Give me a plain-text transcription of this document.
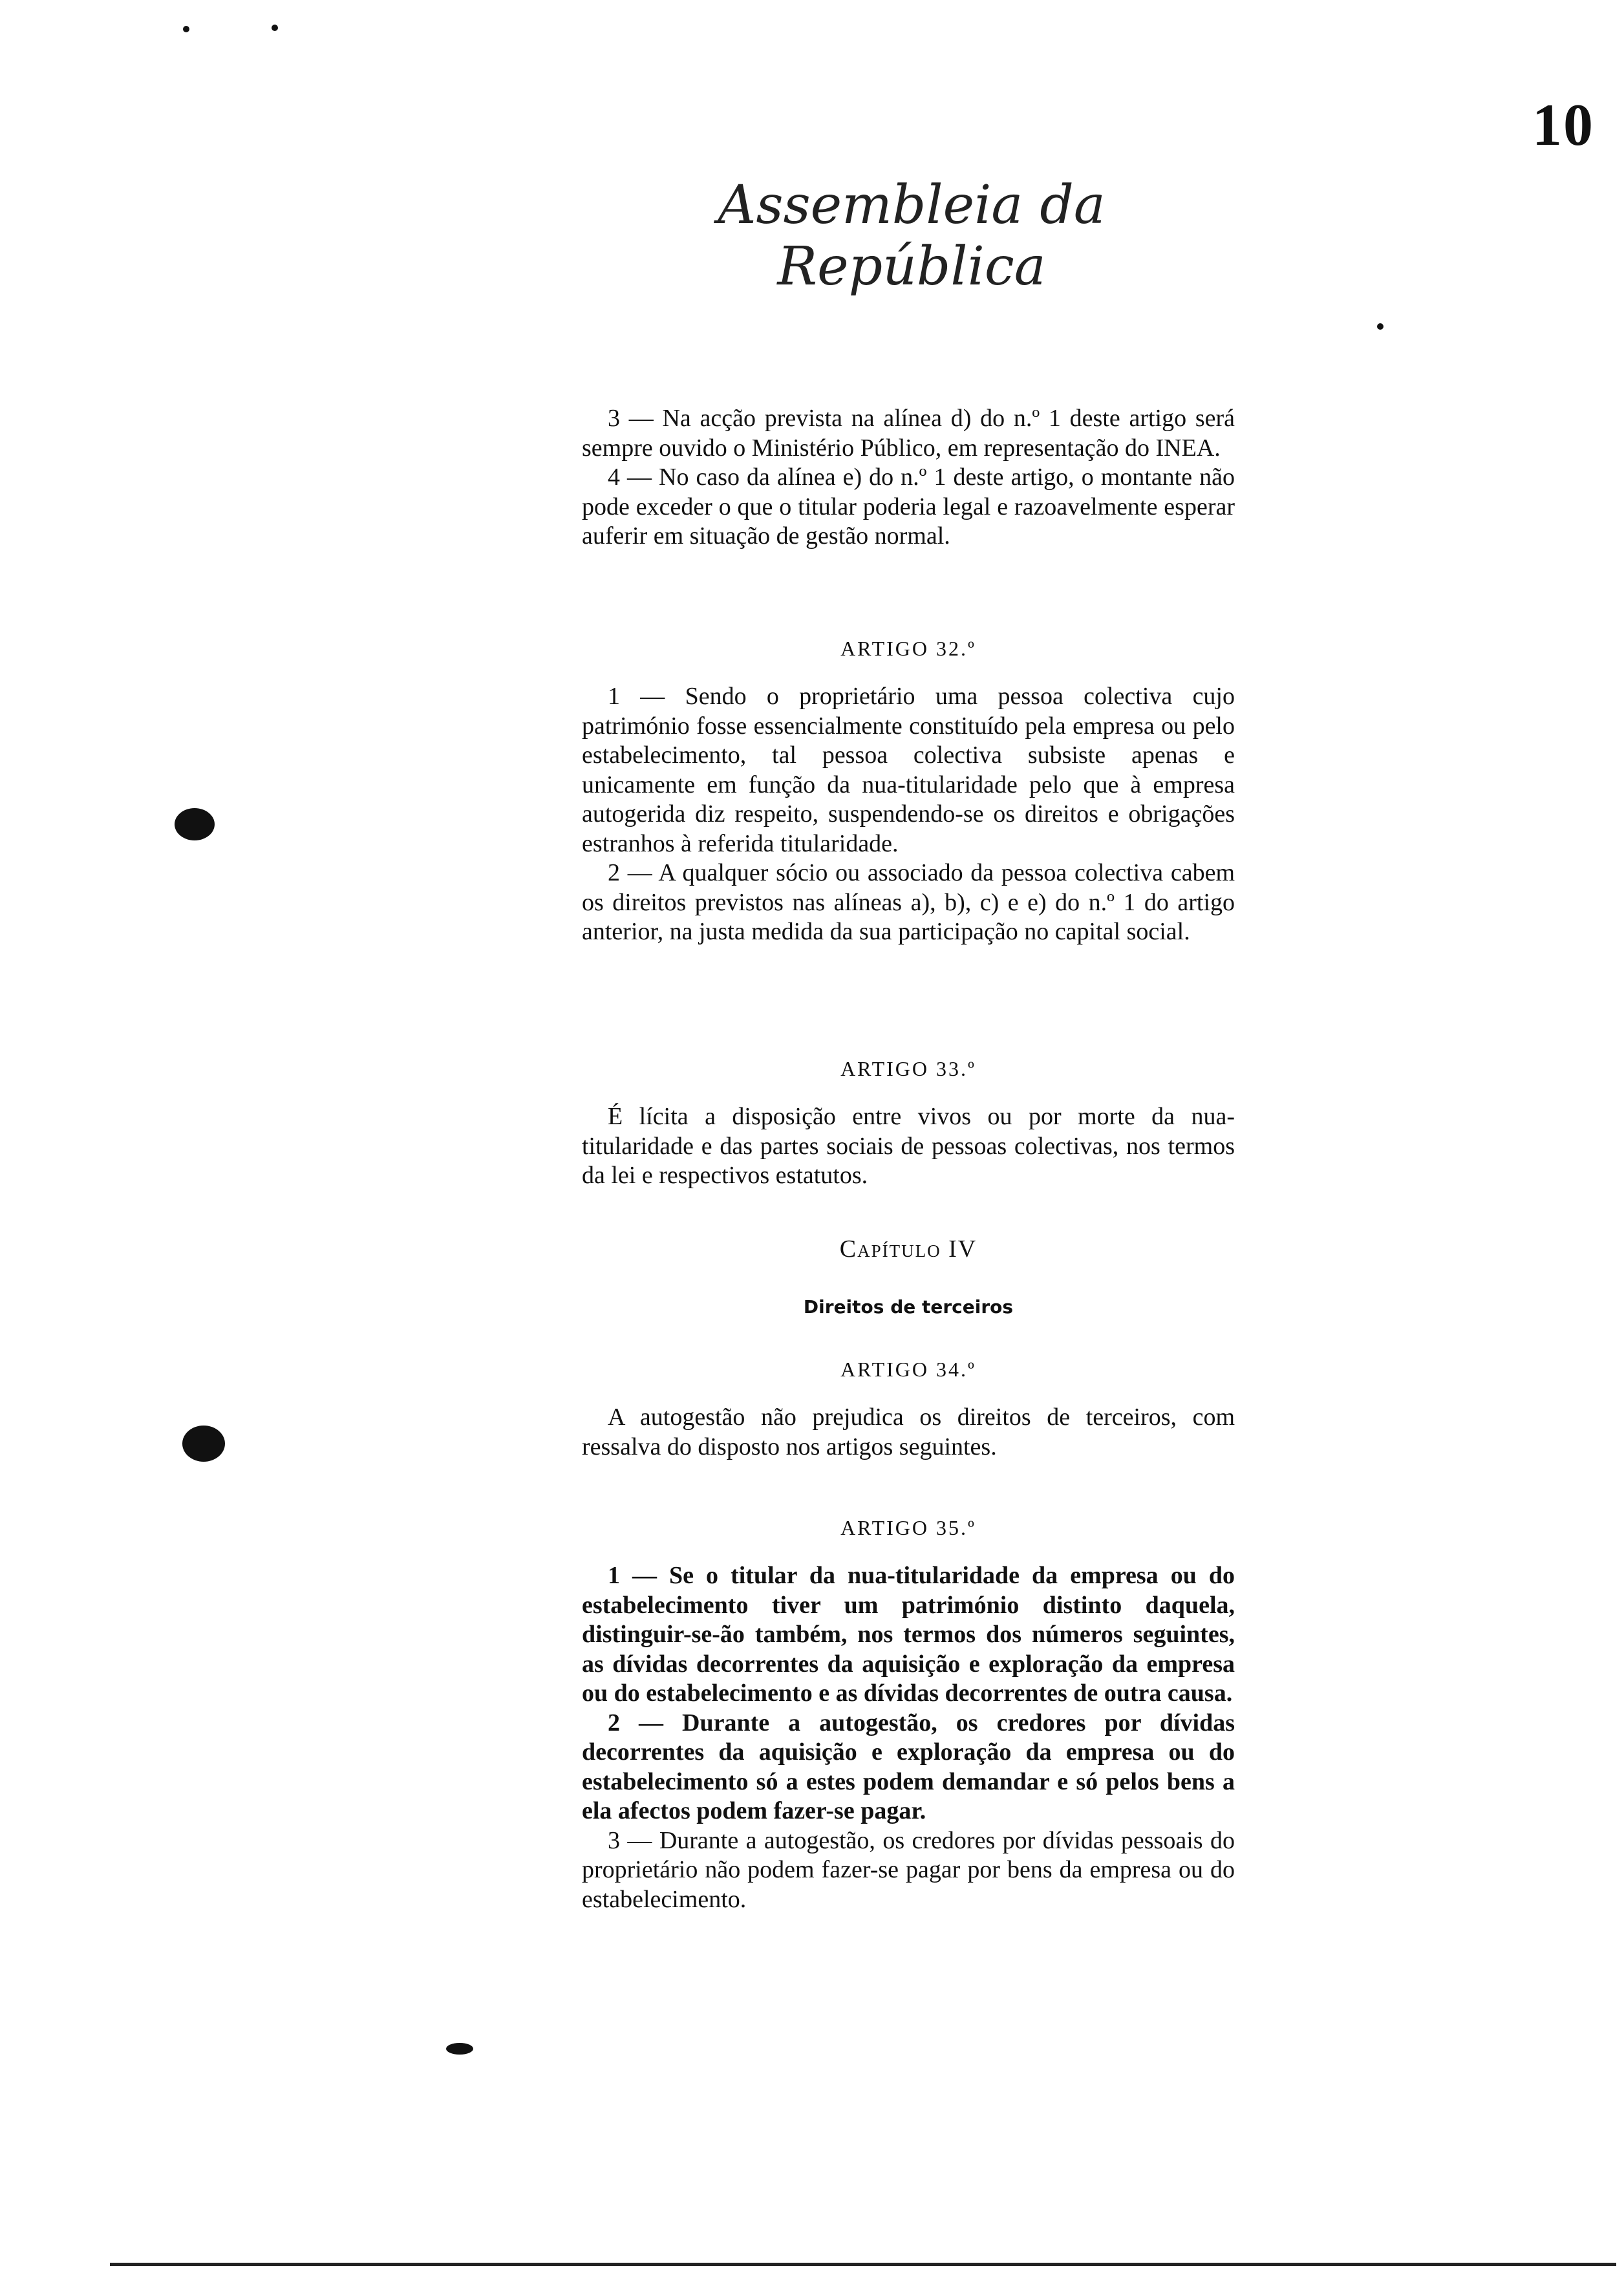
10
Assembleia da República

3 — Na acção prevista na alínea d) do n.º 1 deste artigo será sempre ouvido o Ministério Público, em representação do INEA.

4 — No caso da alínea e) do n.º 1 deste artigo, o montante não pode exceder o que o titular poderia legal e razoavelmente esperar auferir em situação de gestão normal.

ARTIGO 32.º

1 — Sendo o proprietário uma pessoa colectiva cujo património fosse essencialmente constituído pela empresa ou pelo estabelecimento, tal pessoa colectiva subsiste apenas e unicamente em função da nua-titularidade pelo que à empresa autogerida diz respeito, suspendendo-se os direitos e obrigações estranhos à referida titularidade.

2 — A qualquer sócio ou associado da pessoa colectiva cabem os direitos previstos nas alíneas a), b), c) e e) do n.º 1 do artigo anterior, na justa medida da sua participação no capital social.

ARTIGO 33.º

É lícita a disposição entre vivos ou por morte da nua-titularidade e das partes sociais de pessoas colectivas, nos termos da lei e respectivos estatutos.

Capítulo IV
Direitos de terceiros
ARTIGO 34.º

A autogestão não prejudica os direitos de terceiros, com ressalva do disposto nos artigos seguintes.

ARTIGO 35.º

1 — Se o titular da nua-titularidade da empresa ou do estabelecimento tiver um património distinto daquela, distinguir-se-ão também, nos termos dos números seguintes, as dívidas decorrentes da aquisição e exploração da empresa ou do estabelecimento e as dívidas decorrentes de outra causa.

2 — Durante a autogestão, os credores por dívidas decorrentes da aquisição e exploração da empresa ou do estabelecimento só a estes podem demandar e só pelos bens a ela afectos podem fazer-se pagar.

3 — Durante a autogestão, os credores por dívidas pessoais do proprietário não podem fazer-se pagar por bens da empresa ou do estabelecimento.
